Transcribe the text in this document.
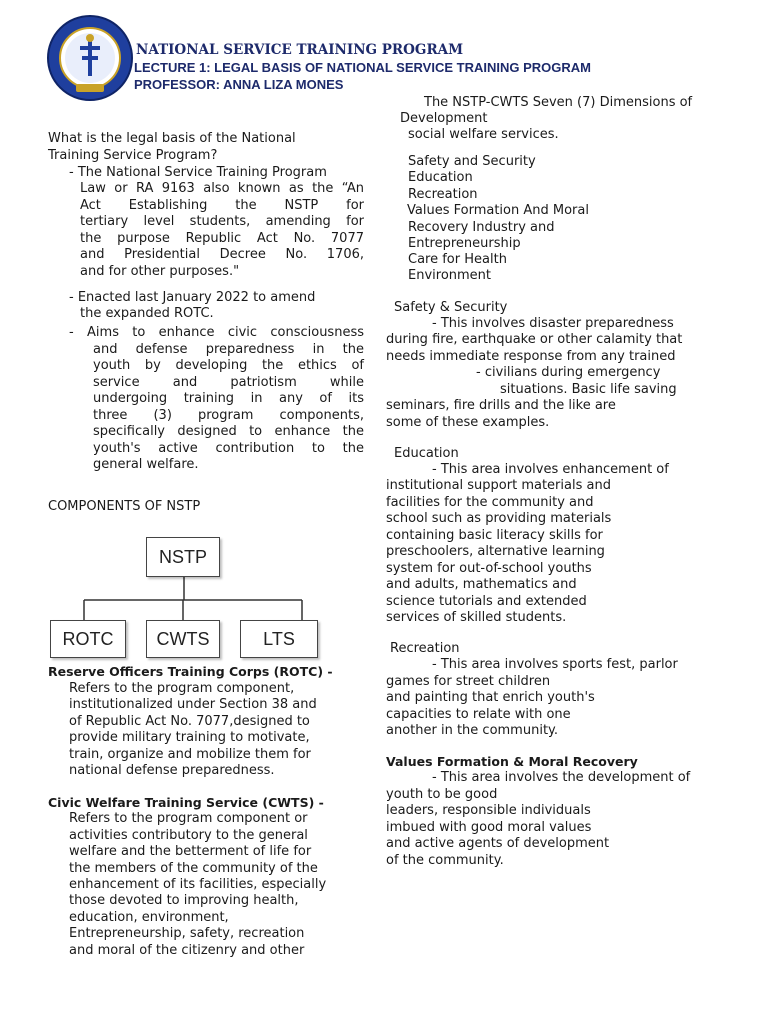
NATIONAL SERVICE TRAINING PROGRAM
LECTURE 1: LEGAL BASIS OF NATIONAL SERVICE TRAINING PROGRAM
PROFESSOR: ANNA LIZA MONES
What is the legal basis of the National
Training Service Program?
- The National Service Training Program
Law or RA 9163 also known as the “An
Act Establishing the NSTP for
tertiary level students, amending for
the purpose Republic Act No. 7077
and Presidential Decree No. 1706,
and for other purposes."
- Enacted last January 2022 to amend
the expanded ROTC.
- Aims to enhance civic consciousness
and defense preparedness in the
youth by developing the ethics of
service and patriotism while
undergoing training in any of its
three (3) program components,
specifically designed to enhance the
youth's active contribution to the
general welfare.
COMPONENTS OF NSTP
NSTP
ROTC	CWTS	LTS
Reserve Officers Training Corps (ROTC) -
Refers to the program component,
institutionalized under Section 38 and
of Republic Act No. 7077,designed to
provide military training to motivate,
train, organize and mobilize them for
national defense preparedness.
Civic Welfare Training Service (CWTS) -
Refers to the program component or
activities contributory to the general
welfare and the betterment of life for
the members of the community of the
enhancement of its facilities, especially
those devoted to improving health,
education, environment,
Entrepreneurship, safety, recreation
and moral of the citizenry and other
The NSTP-CWTS Seven (7) Dimensions of
Development
social welfare services.
Safety and Security
Education
Recreation
Values Formation And Moral
Recovery Industry and
Entrepreneurship
Care for Health
Environment
Safety & Security
- This involves disaster preparedness
during fire, earthquake or other calamity that
needs immediate response from any trained
- civilians during emergency
situations. Basic life saving
seminars, fire drills and the like are
some of these examples.
Education
- This area involves enhancement of
institutional support materials and
facilities for the community and
school such as providing materials
containing basic literacy skills for
preschoolers, alternative learning
system for out-of-school youths
and adults, mathematics and
science tutorials and extended
services of skilled students.
Recreation
- This area involves sports fest, parlor
games for street children
and painting that enrich youth's
capacities to relate with one
another in the community.
Values Formation & Moral Recovery
- This area involves the development of
youth to be good
leaders, responsible individuals
imbued with good moral values
and active agents of development
of the community.
